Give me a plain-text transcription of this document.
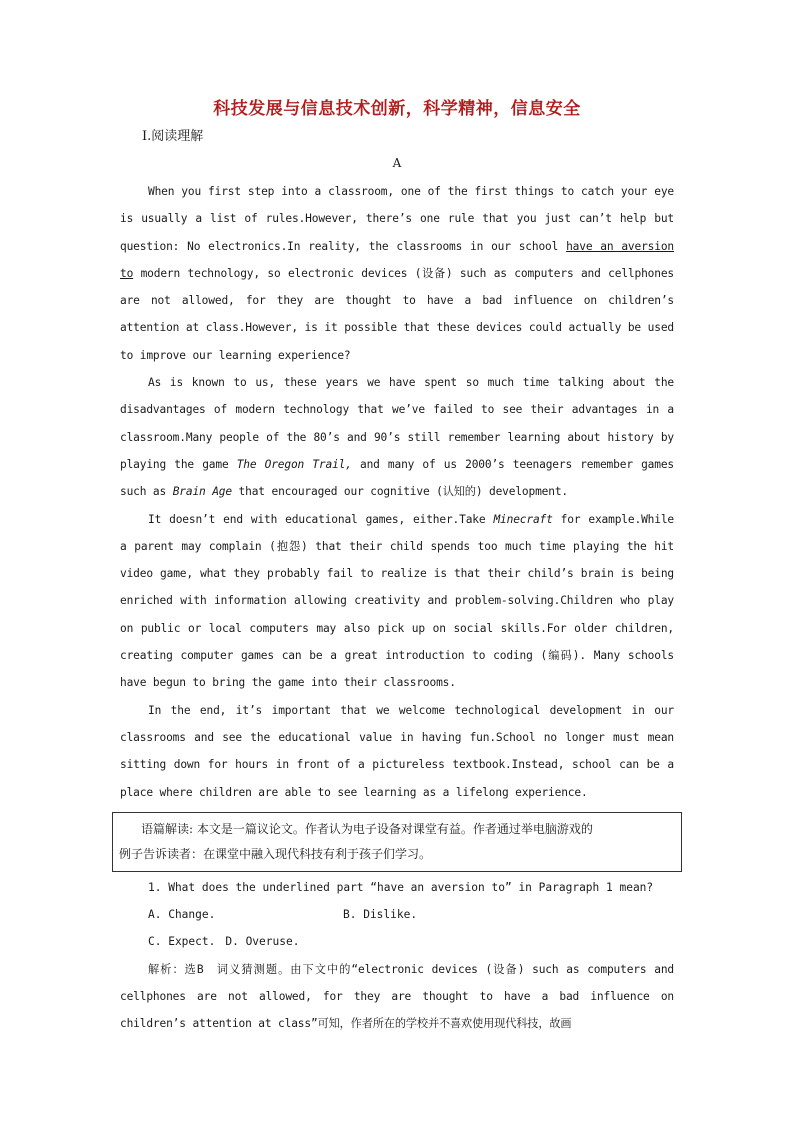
科技发展与信息技术创新，科学精神，信息安全
Ⅰ.阅读理解
A

When you first step into a classroom, one of the first things to catch your eye is usually a list of rules.However, there’s one rule that you just can’t help but question: No electronics.In reality, the classrooms in our school have an aversion to modern technology, so electronic devices (设备) such as computers and cellphones are not allowed, for they are thought to have a bad influence on children’s attention at class.However, is it possible that these devices could actually be used to improve our learning experience?

As is known to us, these years we have spent so much time talking about the disadvantages of modern technology that we’ve failed to see their advantages in a classroom.Many people of the 80’s and 90’s still remember learning about history by playing the game The Oregon Trail, and many of us 2000’s teenagers remember games such as Brain Age that encouraged our cognitive (认知的) development.

It doesn’t end with educational games, either.Take Minecraft for example.While a parent may complain (抱怨) that their child spends too much time playing the hit video game, what they probably fail to realize is that their child’s brain is being enriched with information allowing creativity and problem-solving.Children who play on public or local computers may also pick up on social skills.For older children, creating computer games can be a great introduction to coding (编码). Many schools have begun to bring the game into their classrooms.

In the end, it’s important that we welcome technological development in our classrooms and see the educational value in having fun.School no longer must mean sitting down for hours in front of a pictureless textbook.Instead, school can be a place where children are able to see learning as a lifelong experience.

语篇解读: 本文是一篇议论文。作者认为电子设备对课堂有益。作者通过举电脑游戏的
例子告诉读者：在课堂中融入现代科技有利于孩子们学习。

1. What does the underlined part “have an aversion to” in Paragraph 1 mean?

A. Change.	B. Dislike.

C. Expect. D. Overuse.

解析：选B　词义猜测题。由下文中的“electronic devices (设备) such as computers and cellphones are not allowed, for they are thought to have a bad influence on children’s attention at class”可知，作者所在的学校并不喜欢使用现代科技，故画
